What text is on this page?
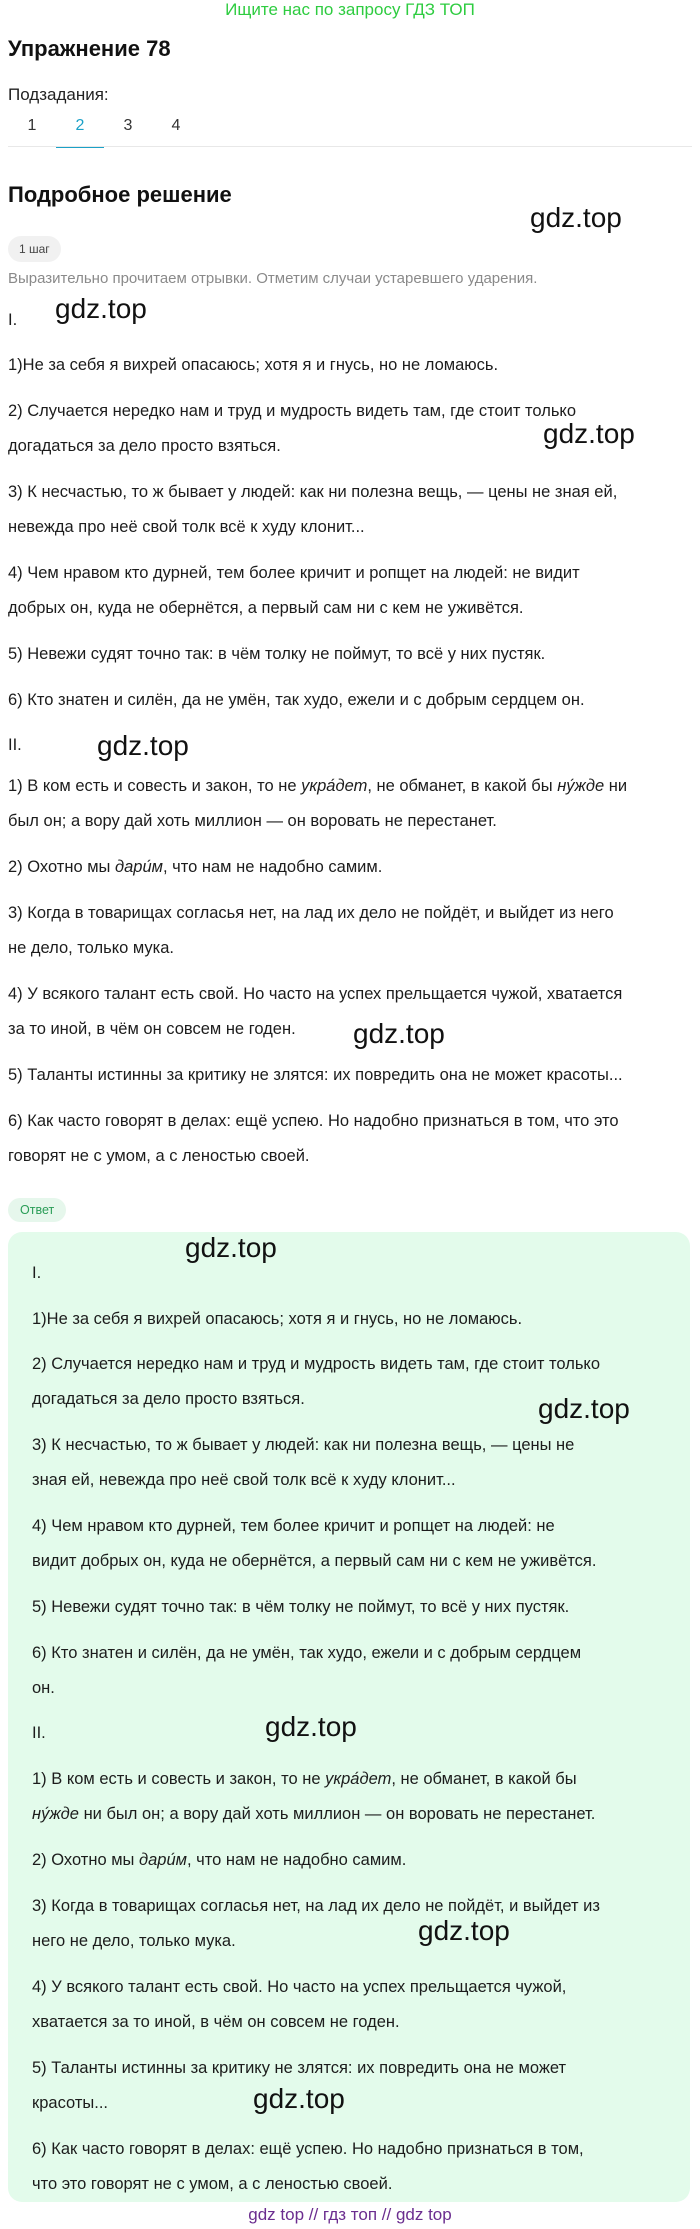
Ищите нас по запросу ГДЗ ТОП
Упражнение 78
Подзадания:
1	2	3	4
Подробное решение
1 шаг
Выразительно прочитаем отрывки. Отметим случаи устаревшего ударения.

I.

1)Не за себя я вихрей опасаюсь; хотя я и гнусь, но не ломаюсь.

2) Случается нередко нам и труд и мудрость видеть там, где стоит только

догадаться за дело просто взяться.

3) К несчастью, то ж бывает у людей: как ни полезна вещь, — цены не зная ей,

невежда про неё свой толк всё к худу клонит...

4) Чем нравом кто дурней, тем более кричит и ропщет на людей: не видит

добрых он, куда не обернётся, а первый сам ни с кем не уживётся.

5) Невежи судят точно так: в чём толку не поймут, то всё у них пустяк.

6) Кто знатен и силён, да не умён, так худо, ежели и с добрым сердцем он.

II.

1) В ком есть и совесть и закон, то не укра́дет, не обманет, в какой бы ну́жде ни

был он; а вору дай хоть миллион — он воровать не перестанет.

2) Охотно мы дари́м, что нам не надобно самим.

3) Когда в товарищах согласья нет, на лад их дело не пойдёт, и выйдет из него

не дело, только мука.

4) У всякого талант есть свой. Но часто на успех прельщается чужой, хватается

за то иной, в чём он совсем не годен.

5) Таланты истинны за критику не злятся: их повредить она не может красоты...

6) Как часто говорят в делах: ещё успею. Но надобно признаться в том, что это

говорят не с умом, а с леностью своей.

Ответ

I.

1)Не за себя я вихрей опасаюсь; хотя я и гнусь, но не ломаюсь.

2) Случается нередко нам и труд и мудрость видеть там, где стоит только

догадаться за дело просто взяться.

3) К несчастью, то ж бывает у людей: как ни полезна вещь, — цены не

зная ей, невежда про неё свой толк всё к худу клонит...

4) Чем нравом кто дурней, тем более кричит и ропщет на людей: не

видит добрых он, куда не обернётся, а первый сам ни с кем не уживётся.

5) Невежи судят точно так: в чём толку не поймут, то всё у них пустяк.

6) Кто знатен и силён, да не умён, так худо, ежели и с добрым сердцем

он.

II.

1) В ком есть и совесть и закон, то не укра́дет, не обманет, в какой бы

ну́жде ни был он; а вору дай хоть миллион — он воровать не перестанет.

2) Охотно мы дари́м, что нам не надобно самим.

3) Когда в товарищах согласья нет, на лад их дело не пойдёт, и выйдет из

него не дело, только мука.

4) У всякого талант есть свой. Но часто на успех прельщается чужой,

хватается за то иной, в чём он совсем не годен.

5) Таланты истинны за критику не злятся: их повредить она не может

красоты...

6) Как часто говорят в делах: ещё успею. Но надобно признаться в том,

что это говорят не с умом, а с леностью своей.

gdz.top
gdz.top
gdz.top
gdz.top
gdz.top
gdz.top
gdz.top
gdz.top
gdz.top
gdz.top
gdz top // гдз топ // gdz top
